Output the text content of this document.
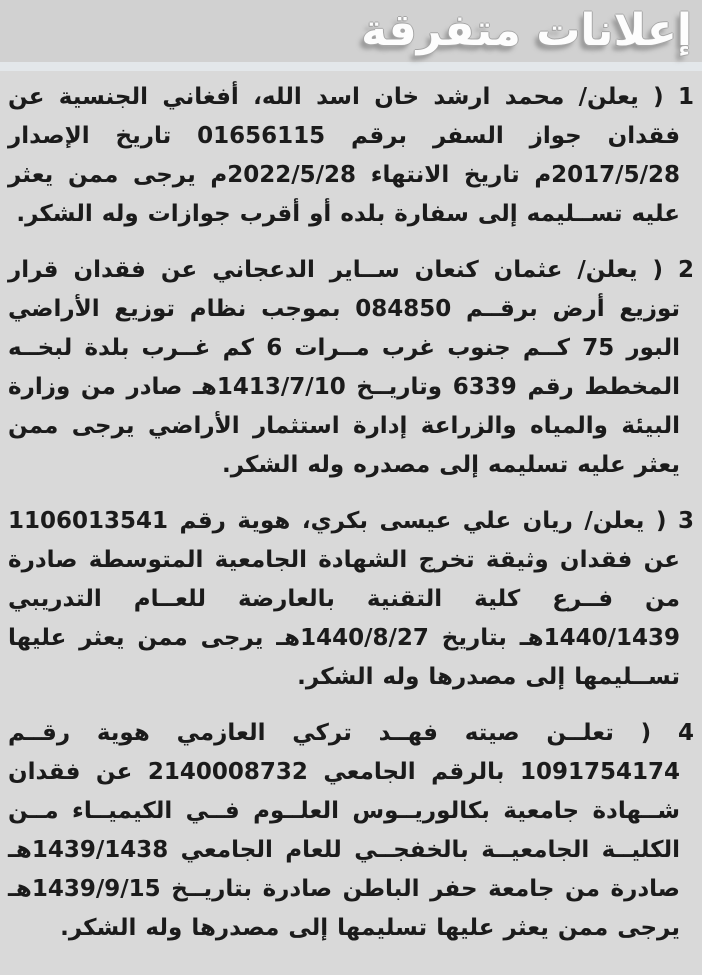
إعلانات متفرقة

1 ( يعلن/ محمد ارشد خان اسد الله، أفغاني الجنسية عن فقدان جواز السفر برقم 01656115 تاريخ الإصدار 2017/5/28م تاريخ الانتهاء 2022/5/28م يرجى ممن يعثر عليه تســليمه إلى سفارة بلده أو أقرب جوازات وله الشكر.

2 ( يعلن/ عثمان كنعان ســاير الدعجاني عن فقدان قرار توزيع أرض برقــم 084850 بموجب نظام توزيع الأراضي البور 75 كــم جنوب غرب مــرات 6 كم غــرب بلدة لبخــه المخطط رقم 6339 وتاريــخ 1413/7/10هـ صادر من وزارة البيئة والمياه والزراعة إدارة استثمار الأراضي يرجى ممن يعثر عليه تسليمه إلى مصدره وله الشكر.

3 ( يعلن/ ريان علي عيسى بكري، هوية رقم 1106013541 عن فقدان وثيقة تخرج الشهادة الجامعية المتوسطة صادرة من فــرع كلية التقنية بالعارضة للعــام التدريبي 1440/1439هـ بتاريخ 1440/8/27هـ يرجى ممن يعثر عليها تســليمها إلى مصدرها وله الشكر.

4 ( تعلــن صيته فهــد تركي العازمي هوية رقــم 1091754174 بالرقم الجامعي 2140008732 عن فقدان شــهادة جامعية بكالوريــوس العلــوم فــي الكيميــاء مــن الكليــة الجامعيــة بالخفجــي للعام الجامعي 1439/1438هـ صادرة من جامعة حفر الباطن صادرة بتاريــخ 1439/9/15هـ يرجى ممن يعثر عليها تسليمها إلى مصدرها وله الشكر.
